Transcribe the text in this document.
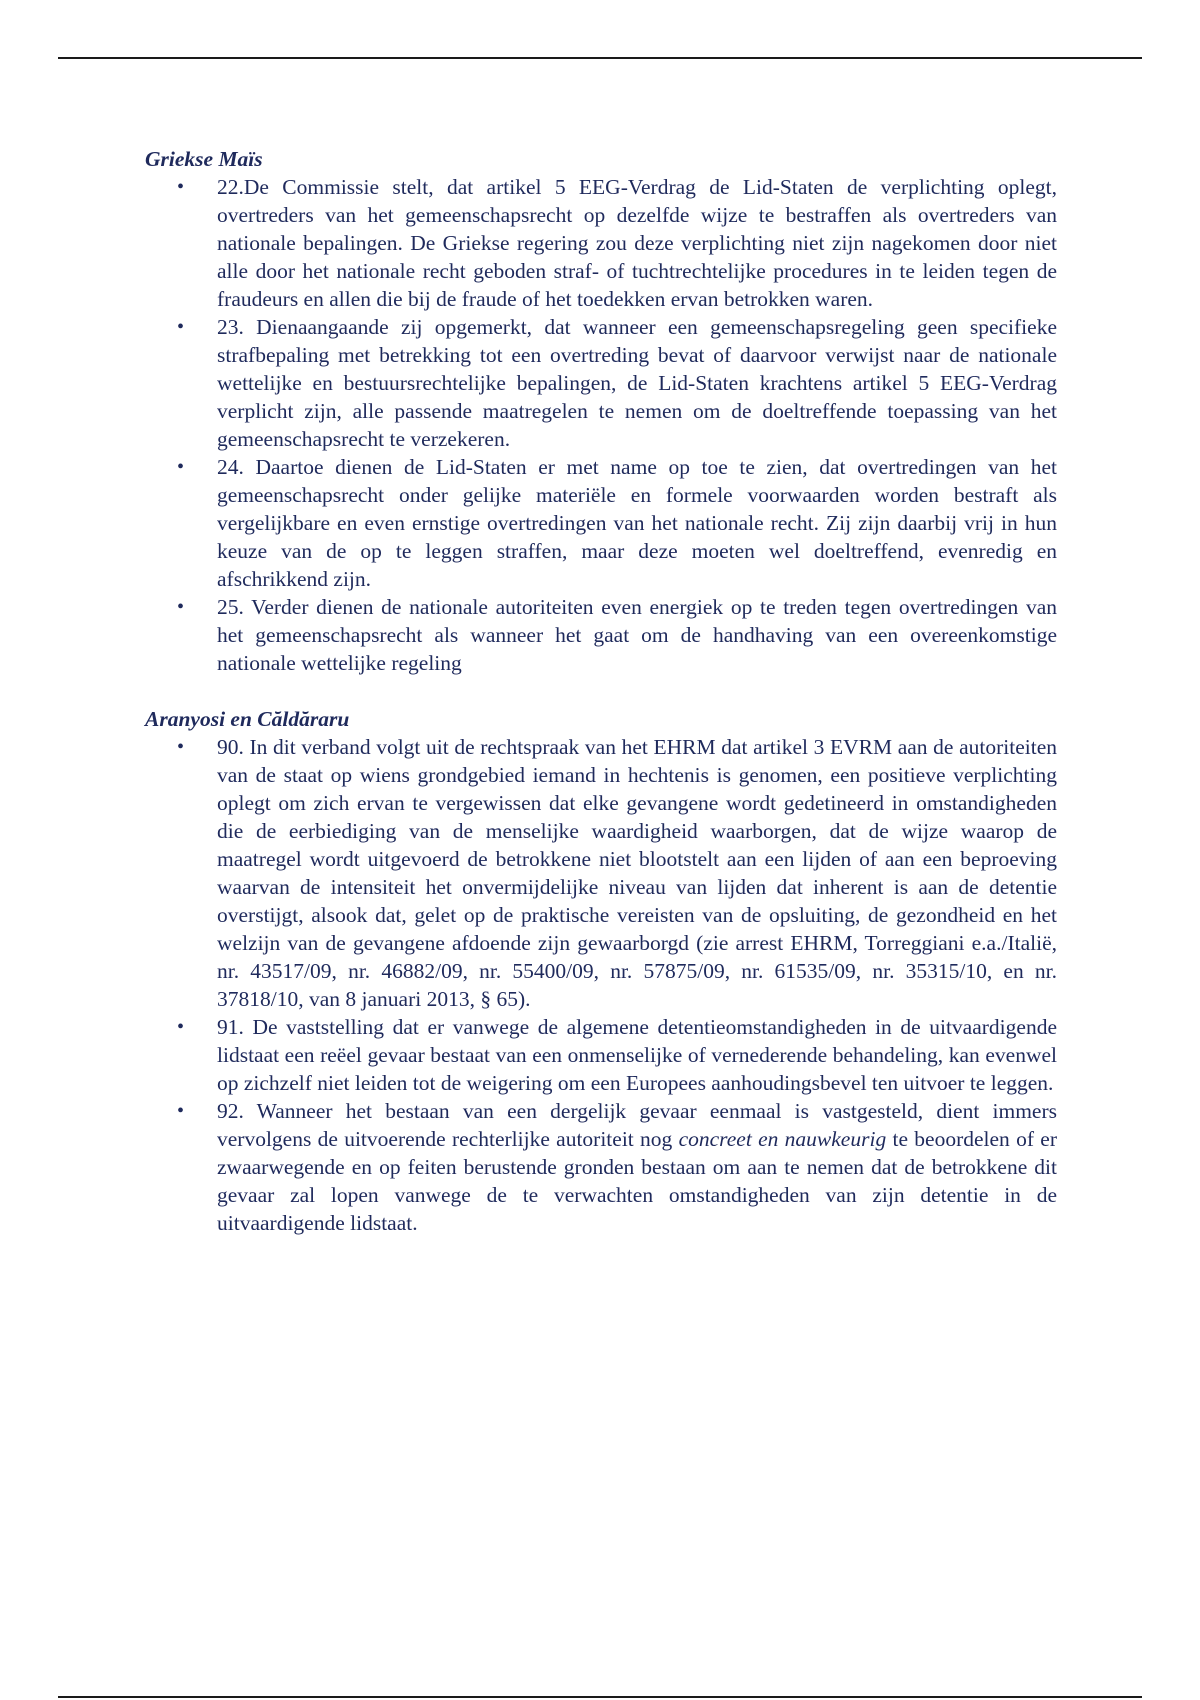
Griekse Maïs
• 22.De Commissie stelt, dat artikel 5 EEG-Verdrag de Lid-Staten de verplichting oplegt, overtreders van het gemeenschapsrecht op dezelfde wijze te bestraffen als overtreders van nationale bepalingen. De Griekse regering zou deze verplichting niet zijn nagekomen door niet alle door het nationale recht geboden straf- of tuchtrechtelijke procedures in te leiden tegen de fraudeurs en allen die bij de fraude of het toedekken ervan betrokken waren.
• 23. Dienaangaande zij opgemerkt, dat wanneer een gemeenschapsregeling geen specifieke strafbepaling met betrekking tot een overtreding bevat of daarvoor verwijst naar de nationale wettelijke en bestuursrechtelijke bepalingen, de Lid-Staten krachtens artikel 5 EEG-Verdrag verplicht zijn, alle passende maatregelen te nemen om de doeltreffende toepassing van het gemeenschapsrecht te verzekeren.
• 24. Daartoe dienen de Lid-Staten er met name op toe te zien, dat overtredingen van het gemeenschapsrecht onder gelijke materiële en formele voorwaarden worden bestraft als vergelijkbare en even ernstige overtredingen van het nationale recht. Zij zijn daarbij vrij in hun keuze van de op te leggen straffen, maar deze moeten wel doeltreffend, evenredig en afschrikkend zijn.
• 25. Verder dienen de nationale autoriteiten even energiek op te treden tegen overtredingen van het gemeenschapsrecht als wanneer het gaat om de handhaving van een overeenkomstige nationale wettelijke regeling
Aranyosi en Căldăraru
• 90. In dit verband volgt uit de rechtspraak van het EHRM dat artikel 3 EVRM aan de autoriteiten van de staat op wiens grondgebied iemand in hechtenis is genomen, een positieve verplichting oplegt om zich ervan te vergewissen dat elke gevangene wordt gedetineerd in omstandigheden die de eerbiediging van de menselijke waardigheid waarborgen, dat de wijze waarop de maatregel wordt uitgevoerd de betrokkene niet blootstelt aan een lijden of aan een beproeving waarvan de intensiteit het onvermijdelijke niveau van lijden dat inherent is aan de detentie overstijgt, alsook dat, gelet op de praktische vereisten van de opsluiting, de gezondheid en het welzijn van de gevangene afdoende zijn gewaarborgd (zie arrest EHRM, Torreggiani e.a./Italië, nr. 43517/09, nr. 46882/09, nr. 55400/09, nr. 57875/09, nr. 61535/09, nr. 35315/10, en nr. 37818/10, van 8 januari 2013, § 65).
• 91. De vaststelling dat er vanwege de algemene detentieomstandigheden in de uitvaardigende lidstaat een reëel gevaar bestaat van een onmenselijke of vernederende behandeling, kan evenwel op zichzelf niet leiden tot de weigering om een Europees aanhoudingsbevel ten uitvoer te leggen.
• 92. Wanneer het bestaan van een dergelijk gevaar eenmaal is vastgesteld, dient immers vervolgens de uitvoerende rechterlijke autoriteit nog concreet en nauwkeurig te beoordelen of er zwaarwegende en op feiten berustende gronden bestaan om aan te nemen dat de betrokkene dit gevaar zal lopen vanwege de te verwachten omstandigheden van zijn detentie in de uitvaardigende lidstaat.
